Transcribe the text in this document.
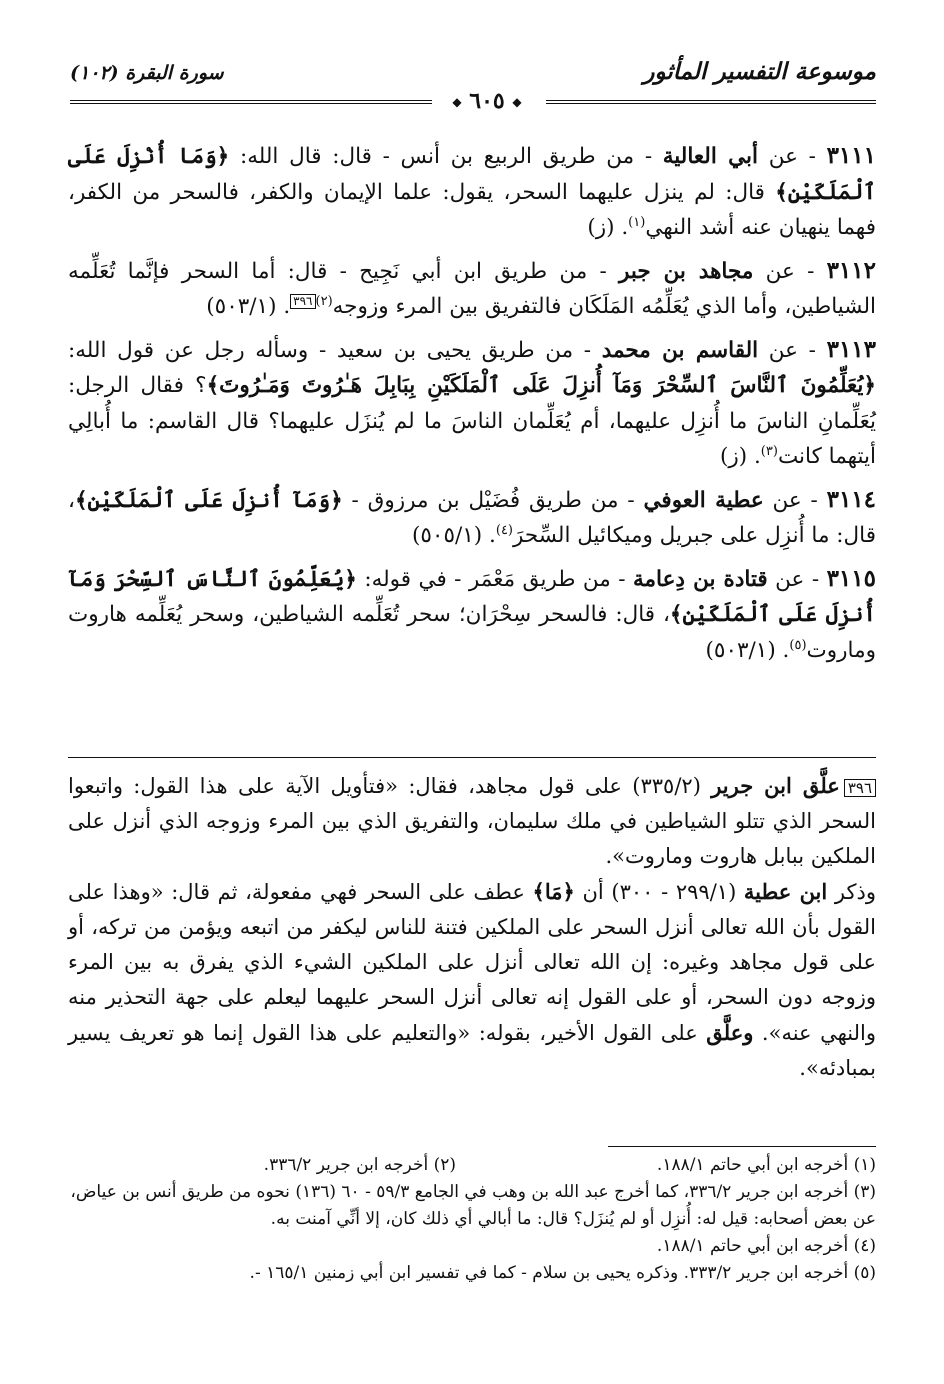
موسوعة التفسير المأثور
سورة البقرة (١٠٢)
◆ ٦٠٥ ◆

٣١١١ - عن أبي العالية - من طريق الربيع بن أنس - قال: قال الله: ﴿وَمَا أُنْزِلَ عَلَى ٱلْمَلَكَيْنِ﴾ قال: لم ينزل عليهما السحر، يقول: علما الإيمان والكفر، فالسحر من الكفر، فهما ينهيان عنه أشد النهي$^{(١)}$. (ز)

٣١١٢ - عن مجاهد بن جبر - من طريق ابن أبي نَجِيح - قال: أما السحر فإنَّما تُعَلِّمه الشياطين، وأما الذي يُعَلِّمُه المَلَكَان فالتفريق بين المرء وزوجه$^{(٢)}$٣٩٦. (٥٠٣/١)

٣١١٣ - عن القاسم بن محمد - من طريق يحيى بن سعيد - وسأله رجل عن قول الله: ﴿يُعَلِّمُونَ ٱلنَّاسَ ٱلسِّحْرَ وَمَآ أُنزِلَ عَلَى ٱلْمَلَكَيْنِ بِبَابِلَ هَـٰرُوتَ وَمَـٰرُوتَ﴾؟ فقال الرجل: يُعَلِّمانِ الناسَ ما أُنزِل عليهما، أم يُعَلِّمان الناسَ ما لم يُنزَل عليهما؟ قال القاسم: ما أُبالِي أيتهما كانت$^{(٣)}$. (ز)

٣١١٤ - عن عطية العوفي - من طريق فُضَيْل بن مرزوق - ﴿وَمَآ أُنزِلَ عَلَى ٱلْمَلَكَيْنِ﴾، قال: ما أُنزِل على جبريل وميكائيل السِّحرَ$^{(٤)}$. (٥٠٥/١)

٣١١٥ - عن قتادة بن دِعامة - من طريق مَعْمَر - في قوله: ﴿يُعَلِّمُونَ ٱلنَّاسَ ٱلسِّحْرَ وَمَآ أُنزِلَ عَلَى ٱلْمَلَكَيْنِ﴾، قال: فالسحر سِحْرَان؛ سحر تُعَلِّمه الشياطين، وسحر يُعَلِّمه هاروت وماروت$^{(٥)}$. (٥٠٣/١)

٣٩٦علَّق ابن جرير (٣٣٥/٢) على قول مجاهد، فقال: «فتأويل الآية على هذا القول: واتبعوا السحر الذي تتلو الشياطين في ملك سليمان، والتفريق الذي بين المرء وزوجه الذي أنزل على الملكين ببابل هاروت وماروت».

وذكر ابن عطية (٢٩٩/١ - ٣٠٠) أن ﴿مَا﴾ عطف على السحر فهي مفعولة، ثم قال: «وهذا على القول بأن الله تعالى أنزل السحر على الملكين فتنة للناس ليكفر من اتبعه ويؤمن من تركه، أو على قول مجاهد وغيره: إن الله تعالى أنزل على الملكين الشيء الذي يفرق به بين المرء وزوجه دون السحر، أو على القول إنه تعالى أنزل السحر عليهما ليعلم على جهة التحذير منه والنهي عنه». وعلَّق على القول الأخير، بقوله: «والتعليم على هذا القول إنما هو تعريف يسير بمبادئه».

(١) أخرجه ابن أبي حاتم ١٨٨/١.
(٢) أخرجه ابن جرير ٣٣٦/٢.

(٣) أخرجه ابن جرير ٣٣٦/٢، كما أخرج عبد الله بن وهب في الجامع ٥٩/٣ - ٦٠ (١٣٦) نحوه من طريق أنس بن عياض، عن بعض أصحابه: قيل له: أُنزِل أو لم يُنزَل؟ قال: ما أبالي أي ذلك كان، إلا أنِّي آمنت به.

(٤) أخرجه ابن أبي حاتم ١٨٨/١.

(٥) أخرجه ابن جرير ٣٣٣/٢. وذكره يحيى بن سلام - كما في تفسير ابن أبي زمنين ١٦٥/١ -.
